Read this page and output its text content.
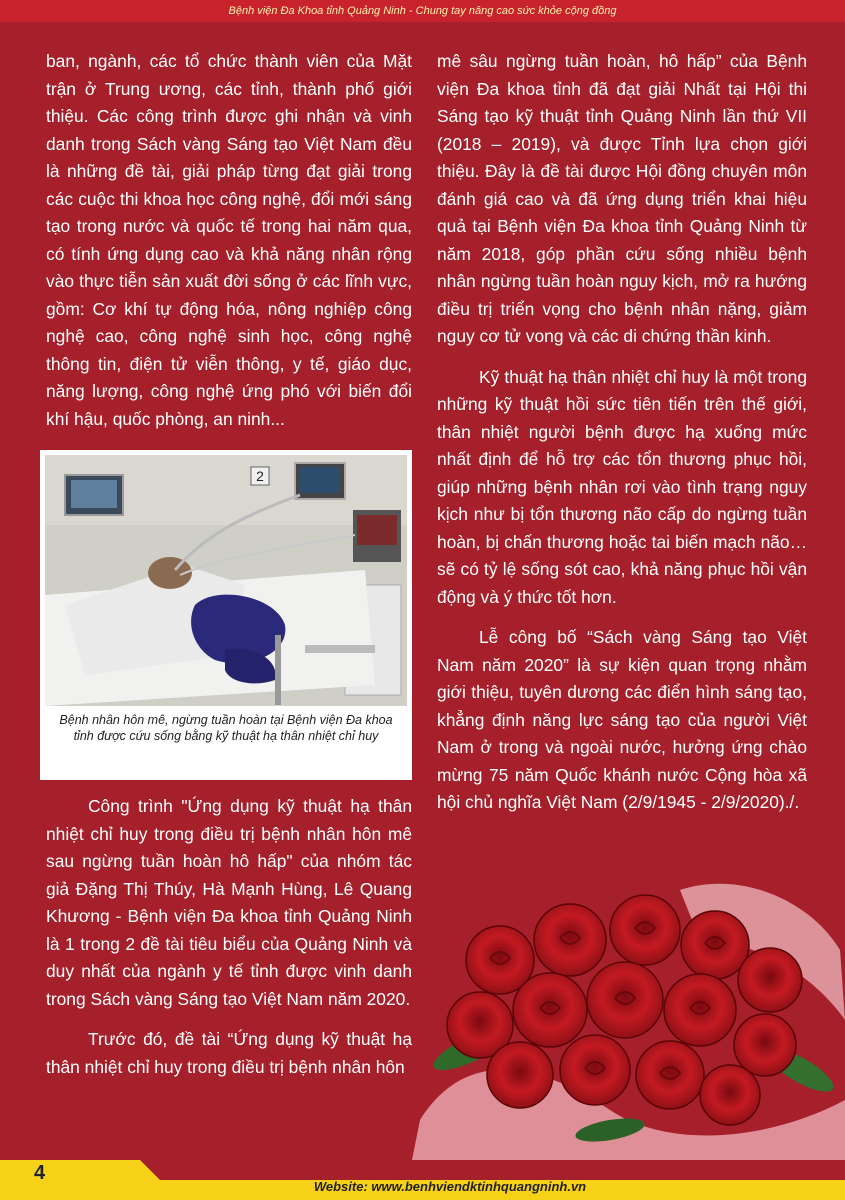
Bệnh viện Đa Khoa tỉnh Quảng Ninh - Chung tay nâng cao sức khỏe cộng đồng

ban, ngành, các tổ chức thành viên của Mặt trận ở Trung ương, các tỉnh, thành phố giới thiệu. Các công trình được ghi nhận và vinh danh trong Sách vàng Sáng tạo Việt Nam đều là những đề tài, giải pháp từng đạt giải trong các cuộc thi khoa học công nghệ, đổi mới sáng tạo trong nước và quốc tế trong hai năm qua, có tính ứng dụng cao và khả năng nhân rộng vào thực tiễn sản xuất đời sống ở các lĩnh vực, gồm: Cơ khí tự động hóa, nông nghiệp công nghệ cao, công nghệ sinh học, công nghệ thông tin, điện tử viễn thông, y tế, giáo dục, năng lượng, công nghệ ứng phó với biến đổi khí hậu, quốc phòng, an ninh...

2
Bệnh nhân hôn mê, ngừng tuần hoàn tại Bệnh viện Đa khoa tỉnh được cứu sống bằng kỹ thuật hạ thân nhiệt chỉ huy

Công trình "Ứng dụng kỹ thuật hạ thân nhiệt chỉ huy trong điều trị bệnh nhân hôn mê sau ngừng tuần hoàn hô hấp" của nhóm tác giả Đặng Thị Thúy, Hà Mạnh Hùng, Lê Quang Khương - Bệnh viện Đa khoa tỉnh Quảng Ninh là 1 trong 2 đề tài tiêu biểu của Quảng Ninh và duy nhất của ngành y tế tỉnh được vinh danh trong Sách vàng Sáng tạo Việt Nam năm 2020.

Trước đó, đề tài “Ứng dụng kỹ thuật hạ thân nhiệt chỉ huy trong điều trị bệnh nhân hôn

mê sâu ngừng tuần hoàn, hô hấp” của Bệnh viện Đa khoa tỉnh đã đạt giải Nhất tại Hội thi Sáng tạo kỹ thuật tỉnh Quảng Ninh lần thứ VII (2018 – 2019), và được Tỉnh lựa chọn giới thiệu. Đây là đề tài được Hội đồng chuyên môn đánh giá cao và đã ứng dụng triển khai hiệu quả tại Bệnh viện Đa khoa tỉnh Quảng Ninh từ năm 2018, góp phần cứu sống nhiều bệnh nhân ngừng tuần hoàn nguy kịch, mở ra hướng điều trị triển vọng cho bệnh nhân nặng, giảm nguy cơ tử vong và các di chứng thần kinh.

Kỹ thuật hạ thân nhiệt chỉ huy là một trong những kỹ thuật hồi sức tiên tiến trên thế giới, thân nhiệt người bệnh được hạ xuống mức nhất định để hỗ trợ các tổn thương phục hồi, giúp những bệnh nhân rơi vào tình trạng nguy kịch như bị tổn thương não cấp do ngừng tuần hoàn, bị chấn thương hoặc tai biến mạch não… sẽ có tỷ lệ sống sót cao, khả năng phục hồi vận động và ý thức tốt hơn.

Lễ công bố “Sách vàng Sáng tạo Việt Nam năm 2020” là sự kiện quan trọng nhằm giới thiệu, tuyên dương các điển hình sáng tạo, khẳng định năng lực sáng tạo của người Việt Nam ở trong và ngoài nước, hưởng ứng chào mừng 75 năm Quốc khánh nước Cộng hòa xã hội chủ nghĩa Việt Nam (2/9/1945 - 2/9/2020)./.

4
Website: www.benhviendktinhquangninh.vn
